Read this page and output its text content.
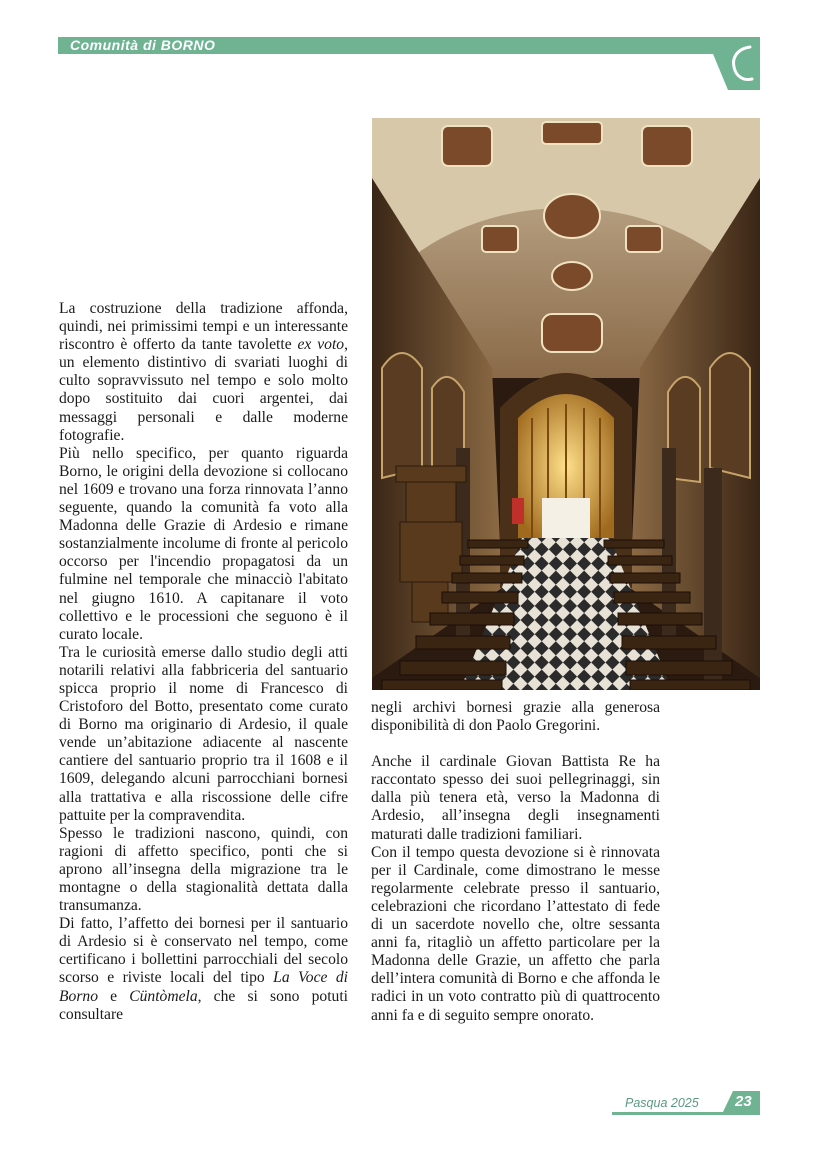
Comunità di BORNO

La costruzione della tradizione affonda, quindi, nei primissimi tempi e un interessante riscontro è offerto da tante tavolette ex voto, un elemento distintivo di svariati luoghi di culto sopravvissuto nel tempo e solo molto dopo sostituito dai cuori argentei, dai messaggi personali e dalle moderne fotografie.

Più nello specifico, per quanto riguarda Borno, le origini della devozione si collocano nel 1609 e trovano una forza rinnovata l’anno seguente, quando la comunità fa voto alla Madonna delle Grazie di Ardesio e rimane sostanzialmente incolume di fronte al pericolo occorso per l'incendio propagatosi da un fulmine nel temporale che minacciò l'abitato nel giugno 1610. A capitanare il voto collettivo e le processioni che seguono è il curato locale.

Tra le curiosità emerse dallo studio degli atti notarili relativi alla fabbriceria del santuario spicca proprio il nome di Francesco di Cristoforo del Botto, presentato come curato di Borno ma originario di Ardesio, il quale vende un’abitazione adiacente al nascente cantiere del santuario proprio tra il 1608 e il 1609, delegando alcuni parrocchiani bornesi alla trattativa e alla riscossione delle cifre pattuite per la compravendita.

Spesso le tradizioni nascono, quindi, con ragioni di affetto specifico, ponti che si aprono all’insegna della migrazione tra le montagne o della stagionalità dettata dalla transumanza.

Di fatto, l’affetto dei bornesi per il santuario di Ardesio si è conservato nel tempo, come certificano i bollettini parrocchiali del secolo scorso e riviste locali del tipo La Voce di Borno e Cüntòmela, che si sono potuti consultare

negli archivi bornesi grazie alla generosa disponibilità di don Paolo Gregorini.

Anche il cardinale Giovan Battista Re ha raccontato spesso dei suoi pellegrinaggi, sin dalla più tenera età, verso la Madonna di Ardesio, all’insegna degli insegnamenti maturati dalle tradizioni familiari.

Con il tempo questa devozione si è rinnovata per il Cardinale, come dimostrano le messe regolarmente celebrate presso il santuario, celebrazioni che ricordano l’attestato di fede di un sacerdote novello che, oltre sessanta anni fa, ritagliò un affetto particolare per la Madonna delle Grazie, un affetto che parla dell’intera comunità di Borno e che affonda le radici in un voto contratto più di quattrocento anni fa e di seguito sempre onorato.

Pasqua 2025 23
